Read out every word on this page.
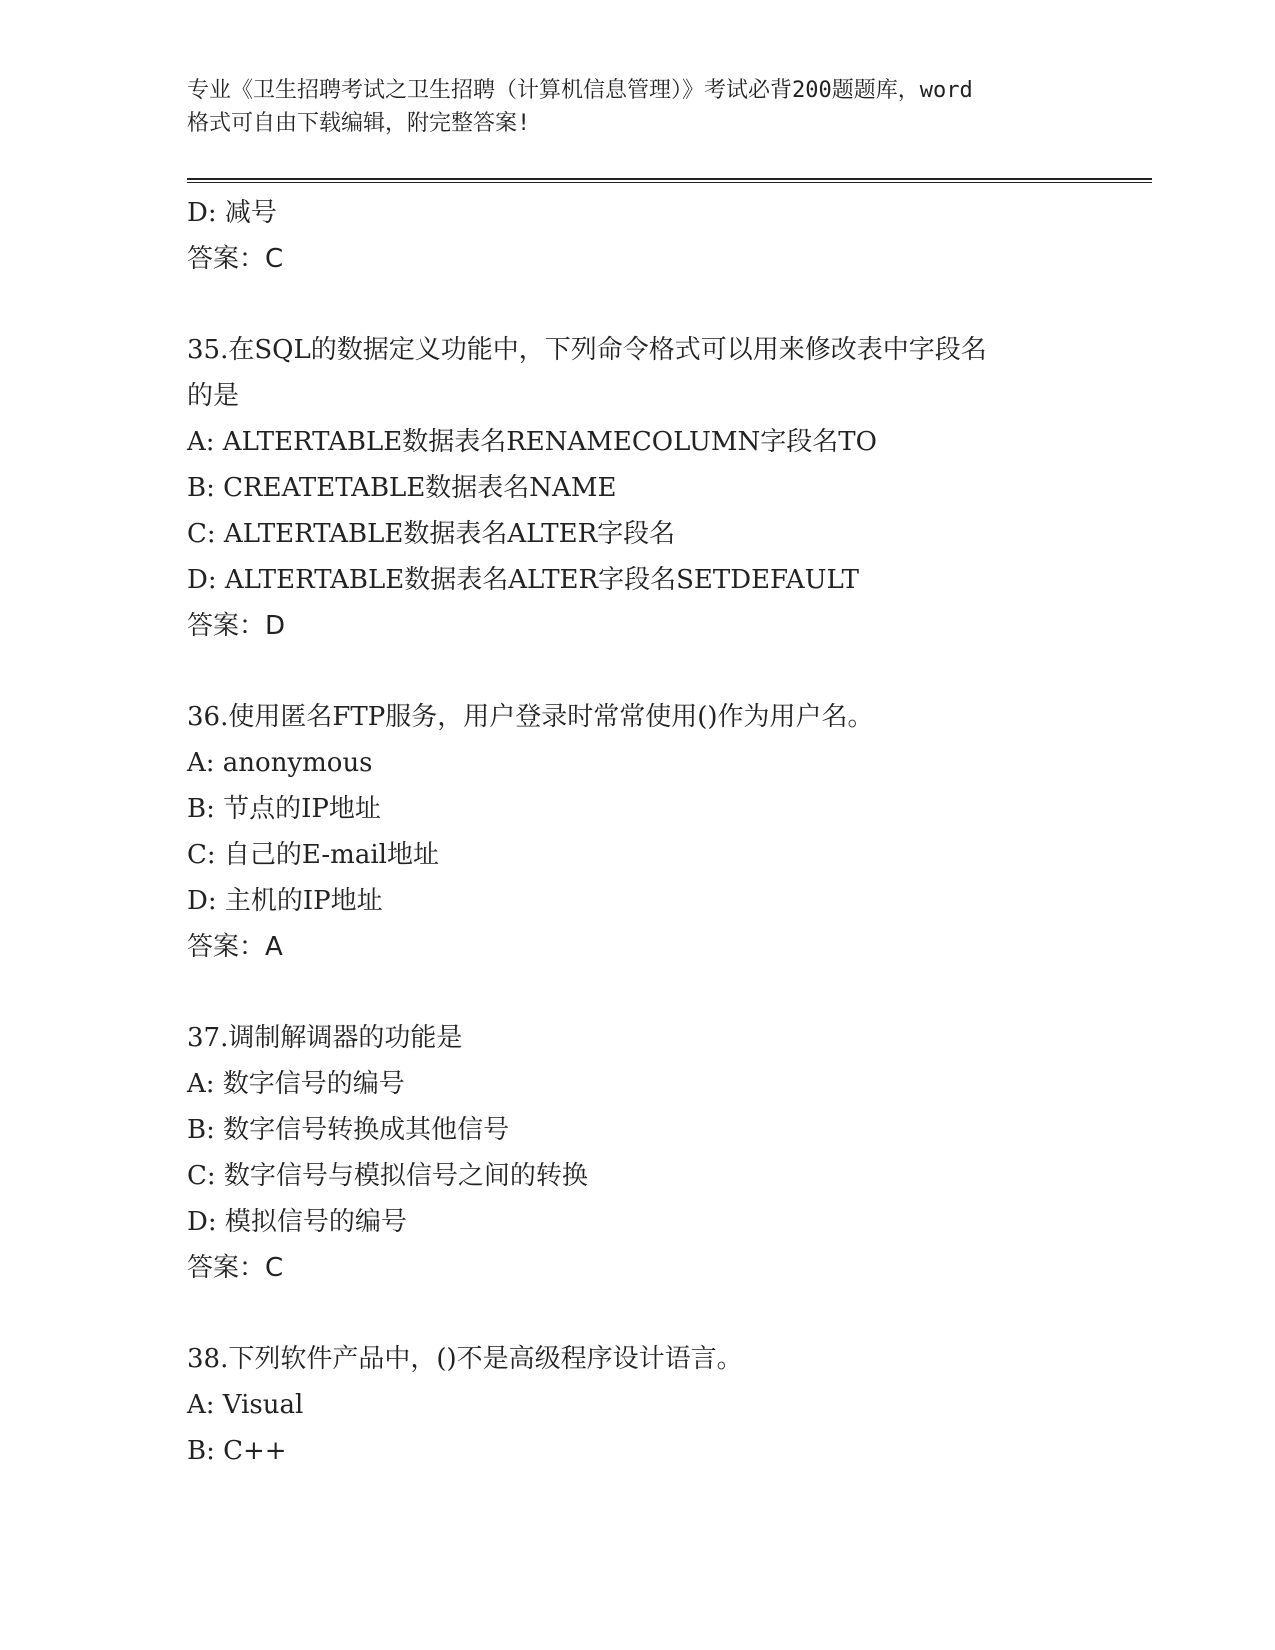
专业《卫生招聘考试之卫生招聘（计算机信息管理）》考试必背200题题库，word
格式可自由下载编辑，附完整答案!
D: 减号
答案：C
35.在SQL的数据定义功能中，下列命令格式可以用来修改表中字段名
的是
A: ALTERTABLE数据表名RENAMECOLUMN字段名TO
B: CREATETABLE数据表名NAME
C: ALTERTABLE数据表名ALTER字段名
D: ALTERTABLE数据表名ALTER字段名SETDEFAULT
答案：D
36.使用匿名FTP服务，用户登录时常常使用()作为用户名。
A: anonymous
B: 节点的IP地址
C: 自己的E-mail地址
D: 主机的IP地址
答案：A
37.调制解调器的功能是
A: 数字信号的编号
B: 数字信号转换成其他信号
C: 数字信号与模拟信号之间的转换
D: 模拟信号的编号
答案：C
38.下列软件产品中，()不是高级程序设计语言。
A: Visual
B: C++
